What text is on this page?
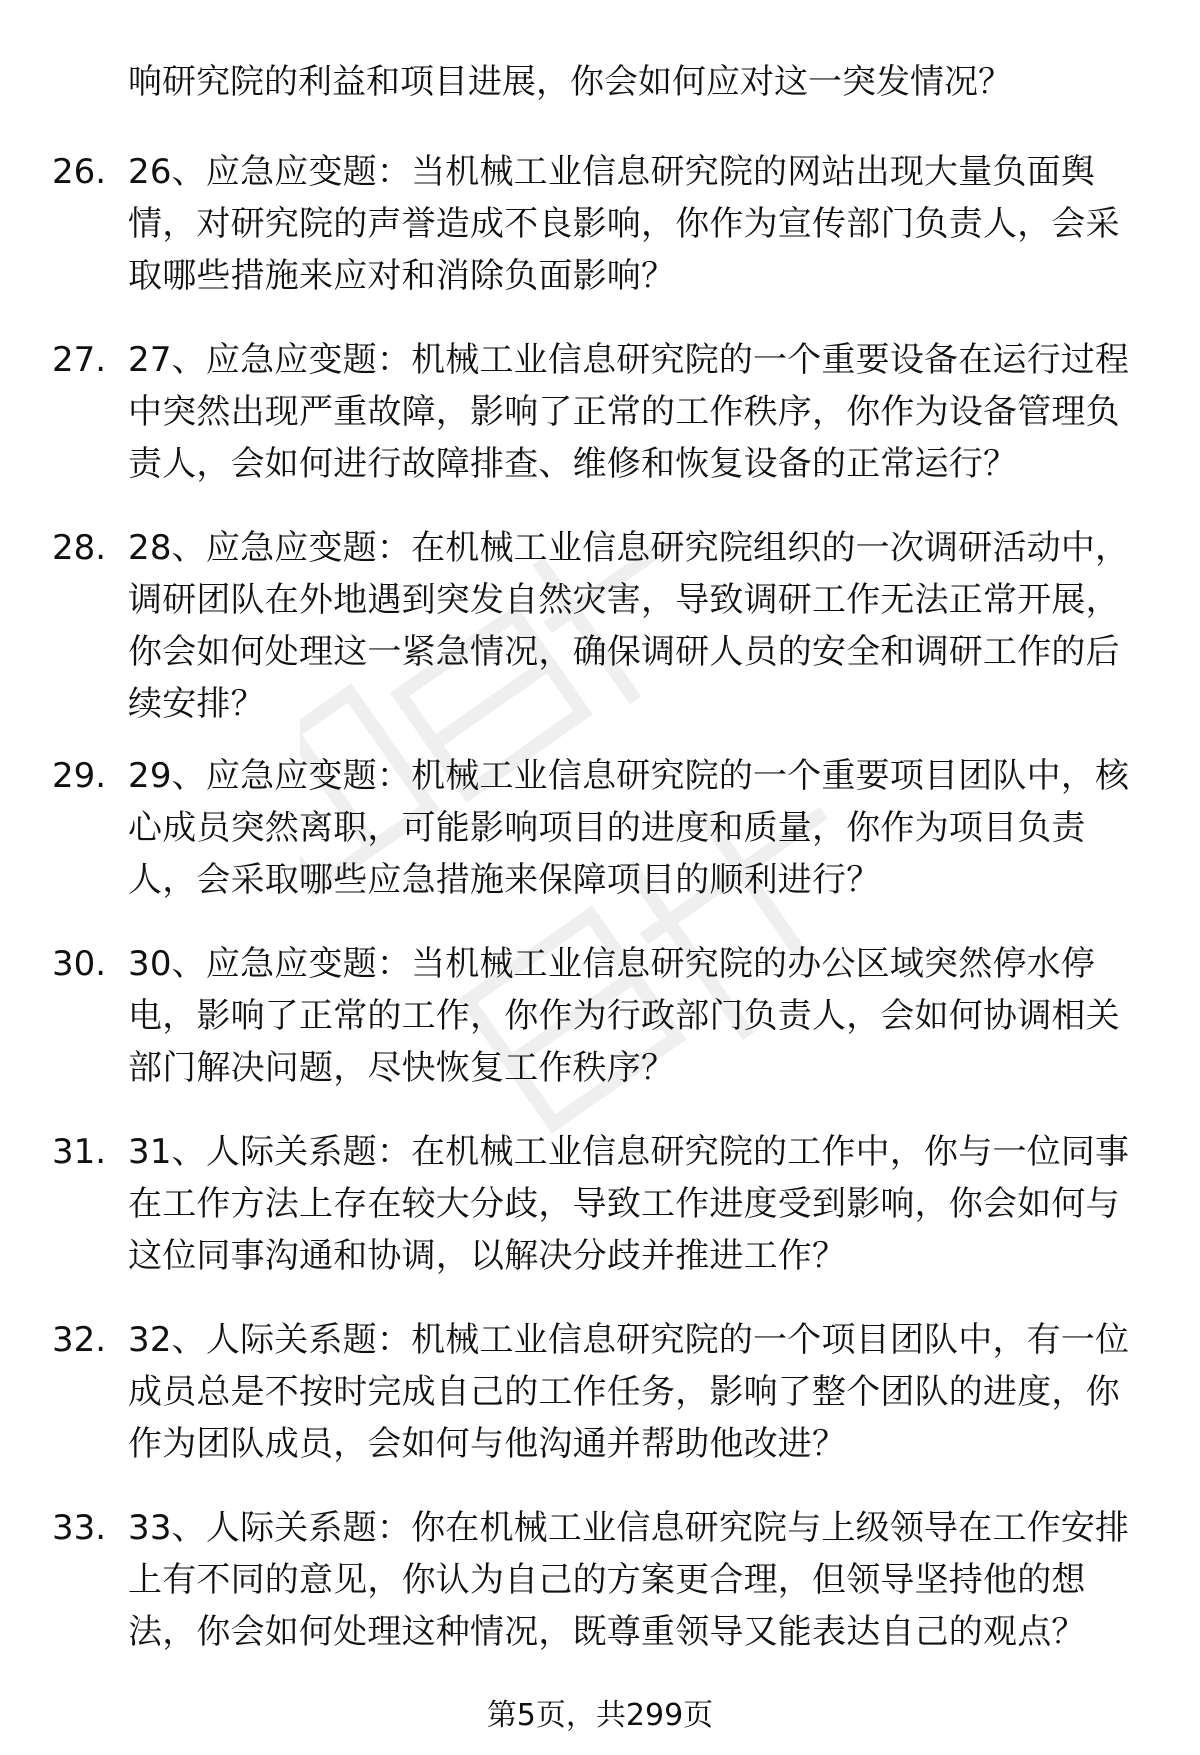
响研究院的利益和项目进展，你会如何应对这一突发情况？
26. 26、应急应变题：当机械工业信息研究院的网站出现大量负面舆情，对研究院的声誉造成不良影响，你作为宣传部门负责人，会采取哪些措施来应对和消除负面影响？
27. 27、应急应变题：机械工业信息研究院的一个重要设备在运行过程中突然出现严重故障，影响了正常的工作秩序，你作为设备管理负责人，会如何进行故障排查、维修和恢复设备的正常运行？
28. 28、应急应变题：在机械工业信息研究院组织的一次调研活动中，调研团队在外地遇到突发自然灾害，导致调研工作无法正常开展，你会如何处理这一紧急情况，确保调研人员的安全和调研工作的后续安排？
29. 29、应急应变题：机械工业信息研究院的一个重要项目团队中，核心成员突然离职，可能影响项目的进度和质量，你作为项目负责人，会采取哪些应急措施来保障项目的顺利进行？
30. 30、应急应变题：当机械工业信息研究院的办公区域突然停水停电，影响了正常的工作，你作为行政部门负责人，会如何协调相关部门解决问题，尽快恢复工作秩序？
31. 31、人际关系题：在机械工业信息研究院的工作中，你与一位同事在工作方法上存在较大分歧，导致工作进度受到影响，你会如何与这位同事沟通和协调，以解决分歧并推进工作？
32. 32、人际关系题：机械工业信息研究院的一个项目团队中，有一位成员总是不按时完成自己的工作任务，影响了整个团队的进度，你作为团队成员，会如何与他沟通并帮助他改进？
33. 33、人际关系题：你在机械工业信息研究院与上级领导在工作安排上有不同的意见，你认为自己的方案更合理，但领导坚持他的想法，你会如何处理这种情况，既尊重领导又能表达自己的观点？
第5页，共299页
